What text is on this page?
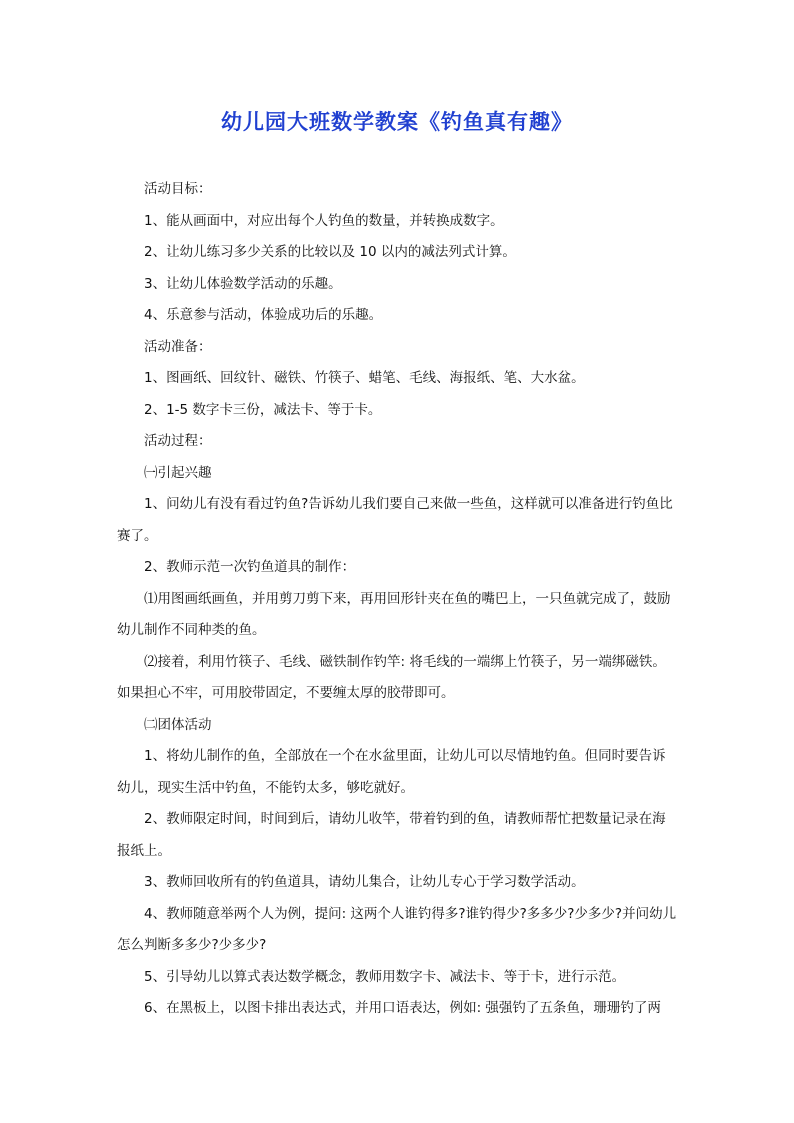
幼儿园大班数学教案《钓鱼真有趣》

活动目标：

1、能从画面中，对应出每个人钓鱼的数量，并转换成数字。

2、让幼儿练习多少关系的比较以及 10 以内的减法列式计算。

3、让幼儿体验数学活动的乐趣。

4、乐意参与活动，体验成功后的乐趣。

活动准备：

1、图画纸、回纹针、磁铁、竹筷子、蜡笔、毛线、海报纸、笔、大水盆。

2、1-5 数字卡三份，减法卡、等于卡。

活动过程：

㈠引起兴趣

1、问幼儿有没有看过钓鱼?告诉幼儿我们要自己来做一些鱼，这样就可以准备进行钓鱼比赛了。

2、教师示范一次钓鱼道具的制作：

⑴用图画纸画鱼，并用剪刀剪下来，再用回形针夹在鱼的嘴巴上，一只鱼就完成了，鼓励幼儿制作不同种类的鱼。

⑵接着，利用竹筷子、毛线、磁铁制作钓竿: 将毛线的一端绑上竹筷子，另一端绑磁铁。如果担心不牢，可用胶带固定，不要缠太厚的胶带即可。

㈡团体活动

1、将幼儿制作的鱼，全部放在一个在水盆里面，让幼儿可以尽情地钓鱼。但同时要告诉幼儿，现实生活中钓鱼，不能钓太多，够吃就好。

2、教师限定时间，时间到后，请幼儿收竿，带着钓到的鱼，请教师帮忙把数量记录在海报纸上。

3、教师回收所有的钓鱼道具，请幼儿集合，让幼儿专心于学习数学活动。

4、教师随意举两个人为例，提问: 这两个人谁钓得多?谁钓得少?多多少?少多少?并问幼儿怎么判断多多少?少多少?

5、引导幼儿以算式表达数学概念，教师用数字卡、减法卡、等于卡，进行示范。

6、在黑板上，以图卡排出表达式，并用口语表达，例如: 强强钓了五条鱼，珊珊钓了两
